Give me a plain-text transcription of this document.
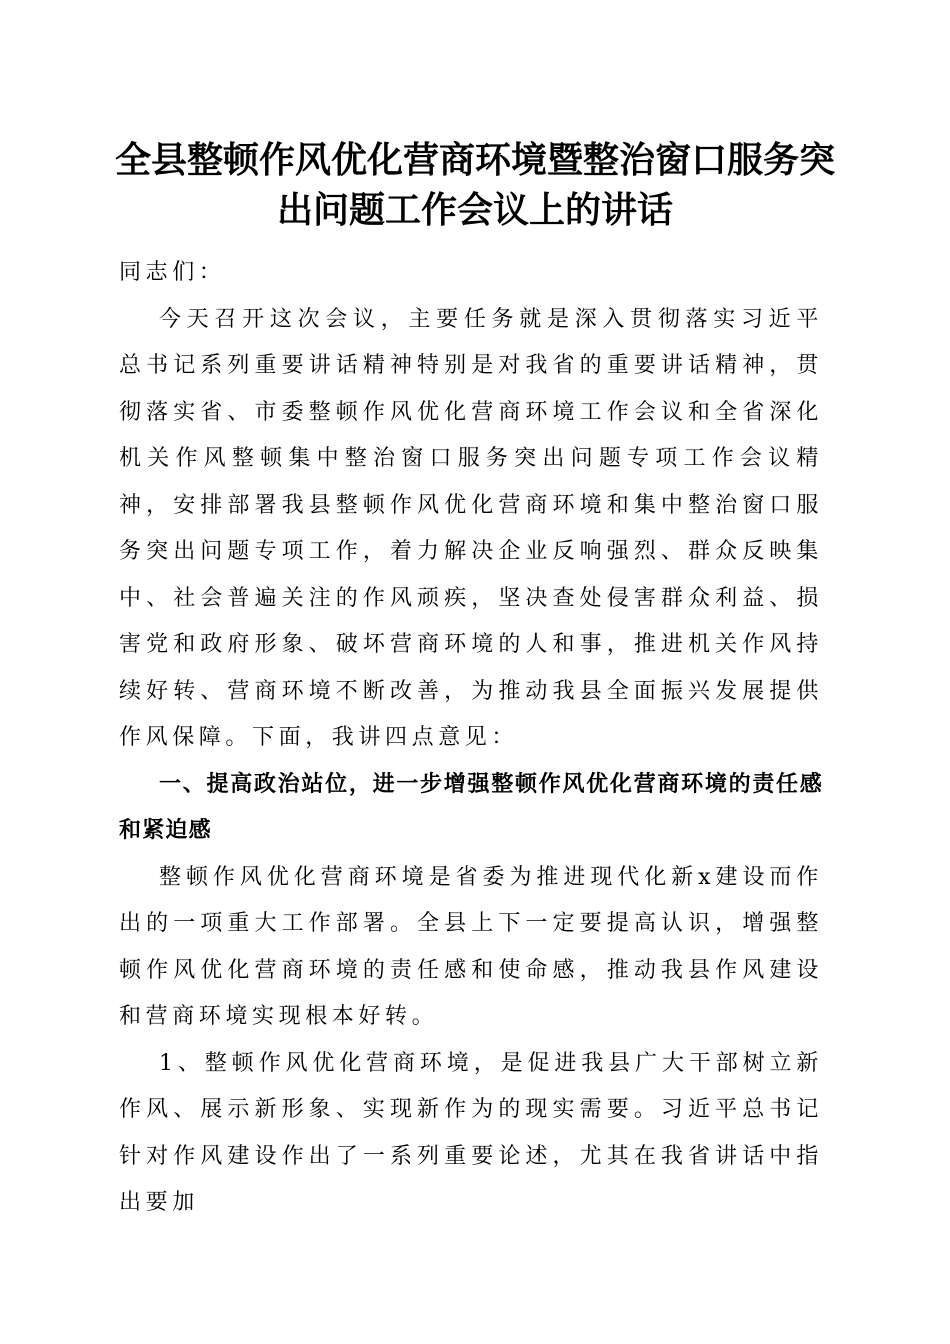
全县整顿作风优化营商环境暨整治窗口服务突
出问题工作会议上的讲话

同志们：

今天召开这次会议，主要任务就是深入贯彻落实习近平总书记系列重要讲话精神特别是对我省的重要讲话精神，贯彻落实省、市委整顿作风优化营商环境工作会议和全省深化机关作风整顿集中整治窗口服务突出问题专项工作会议精神，安排部署我县整顿作风优化营商环境和集中整治窗口服务突出问题专项工作，着力解决企业反响强烈、群众反映集中、社会普遍关注的作风顽疾，坚决查处侵害群众利益、损害党和政府形象、破坏营商环境的人和事，推进机关作风持续好转、营商环境不断改善，为推动我县全面振兴发展提供作风保障。下面，我讲四点意见：

一、提高政治站位，进一步增强整顿作风优化营商环境的责任感和紧迫感

整顿作风优化营商环境是省委为推进现代化新x建设而作出的一项重大工作部署。全县上下一定要提高认识，增强整顿作风优化营商环境的责任感和使命感，推动我县作风建设和营商环境实现根本好转。

1、整顿作风优化营商环境，是促进我县广大干部树立新作风、展示新形象、实现新作为的现实需要。习近平总书记针对作风建设作出了一系列重要论述，尤其在我省讲话中指出要加
